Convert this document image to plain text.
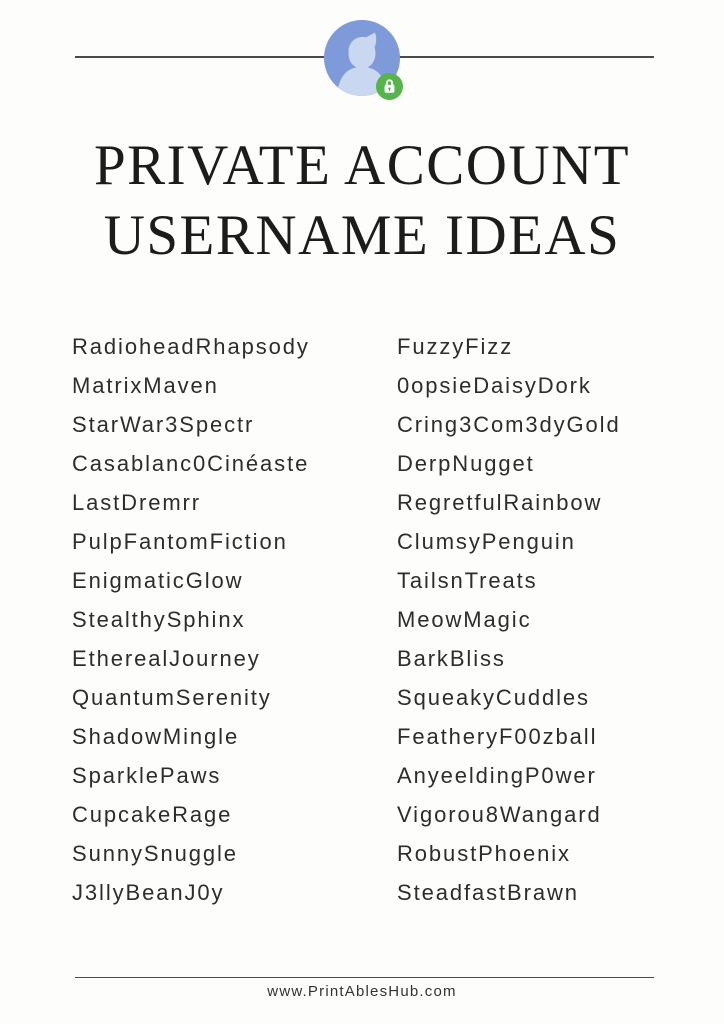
PRIVATE ACCOUNT
USERNAME IDEAS
RadioheadRhapsody
MatrixMaven
StarWar3Spectr
Casablanc0Cinéaste
LastDremrr
PulpFantomFiction
EnigmaticGlow
StealthySphinx
EtherealJourney
QuantumSerenity
ShadowMingle
SparklePaws
CupcakeRage
SunnySnuggle
J3llyBeanJ0y
FuzzyFizz
0opsieDaisyDork
Cring3Com3dyGold
DerpNugget
RegretfulRainbow
ClumsyPenguin
TailsnTreats
MeowMagic
BarkBliss
SqueakyCuddles
FeatheryF00zball
AnyeeldingP0wer
Vigorou8Wangard
RobustPhoenix
SteadfastBrawn
www.PrintAblesHub.com
